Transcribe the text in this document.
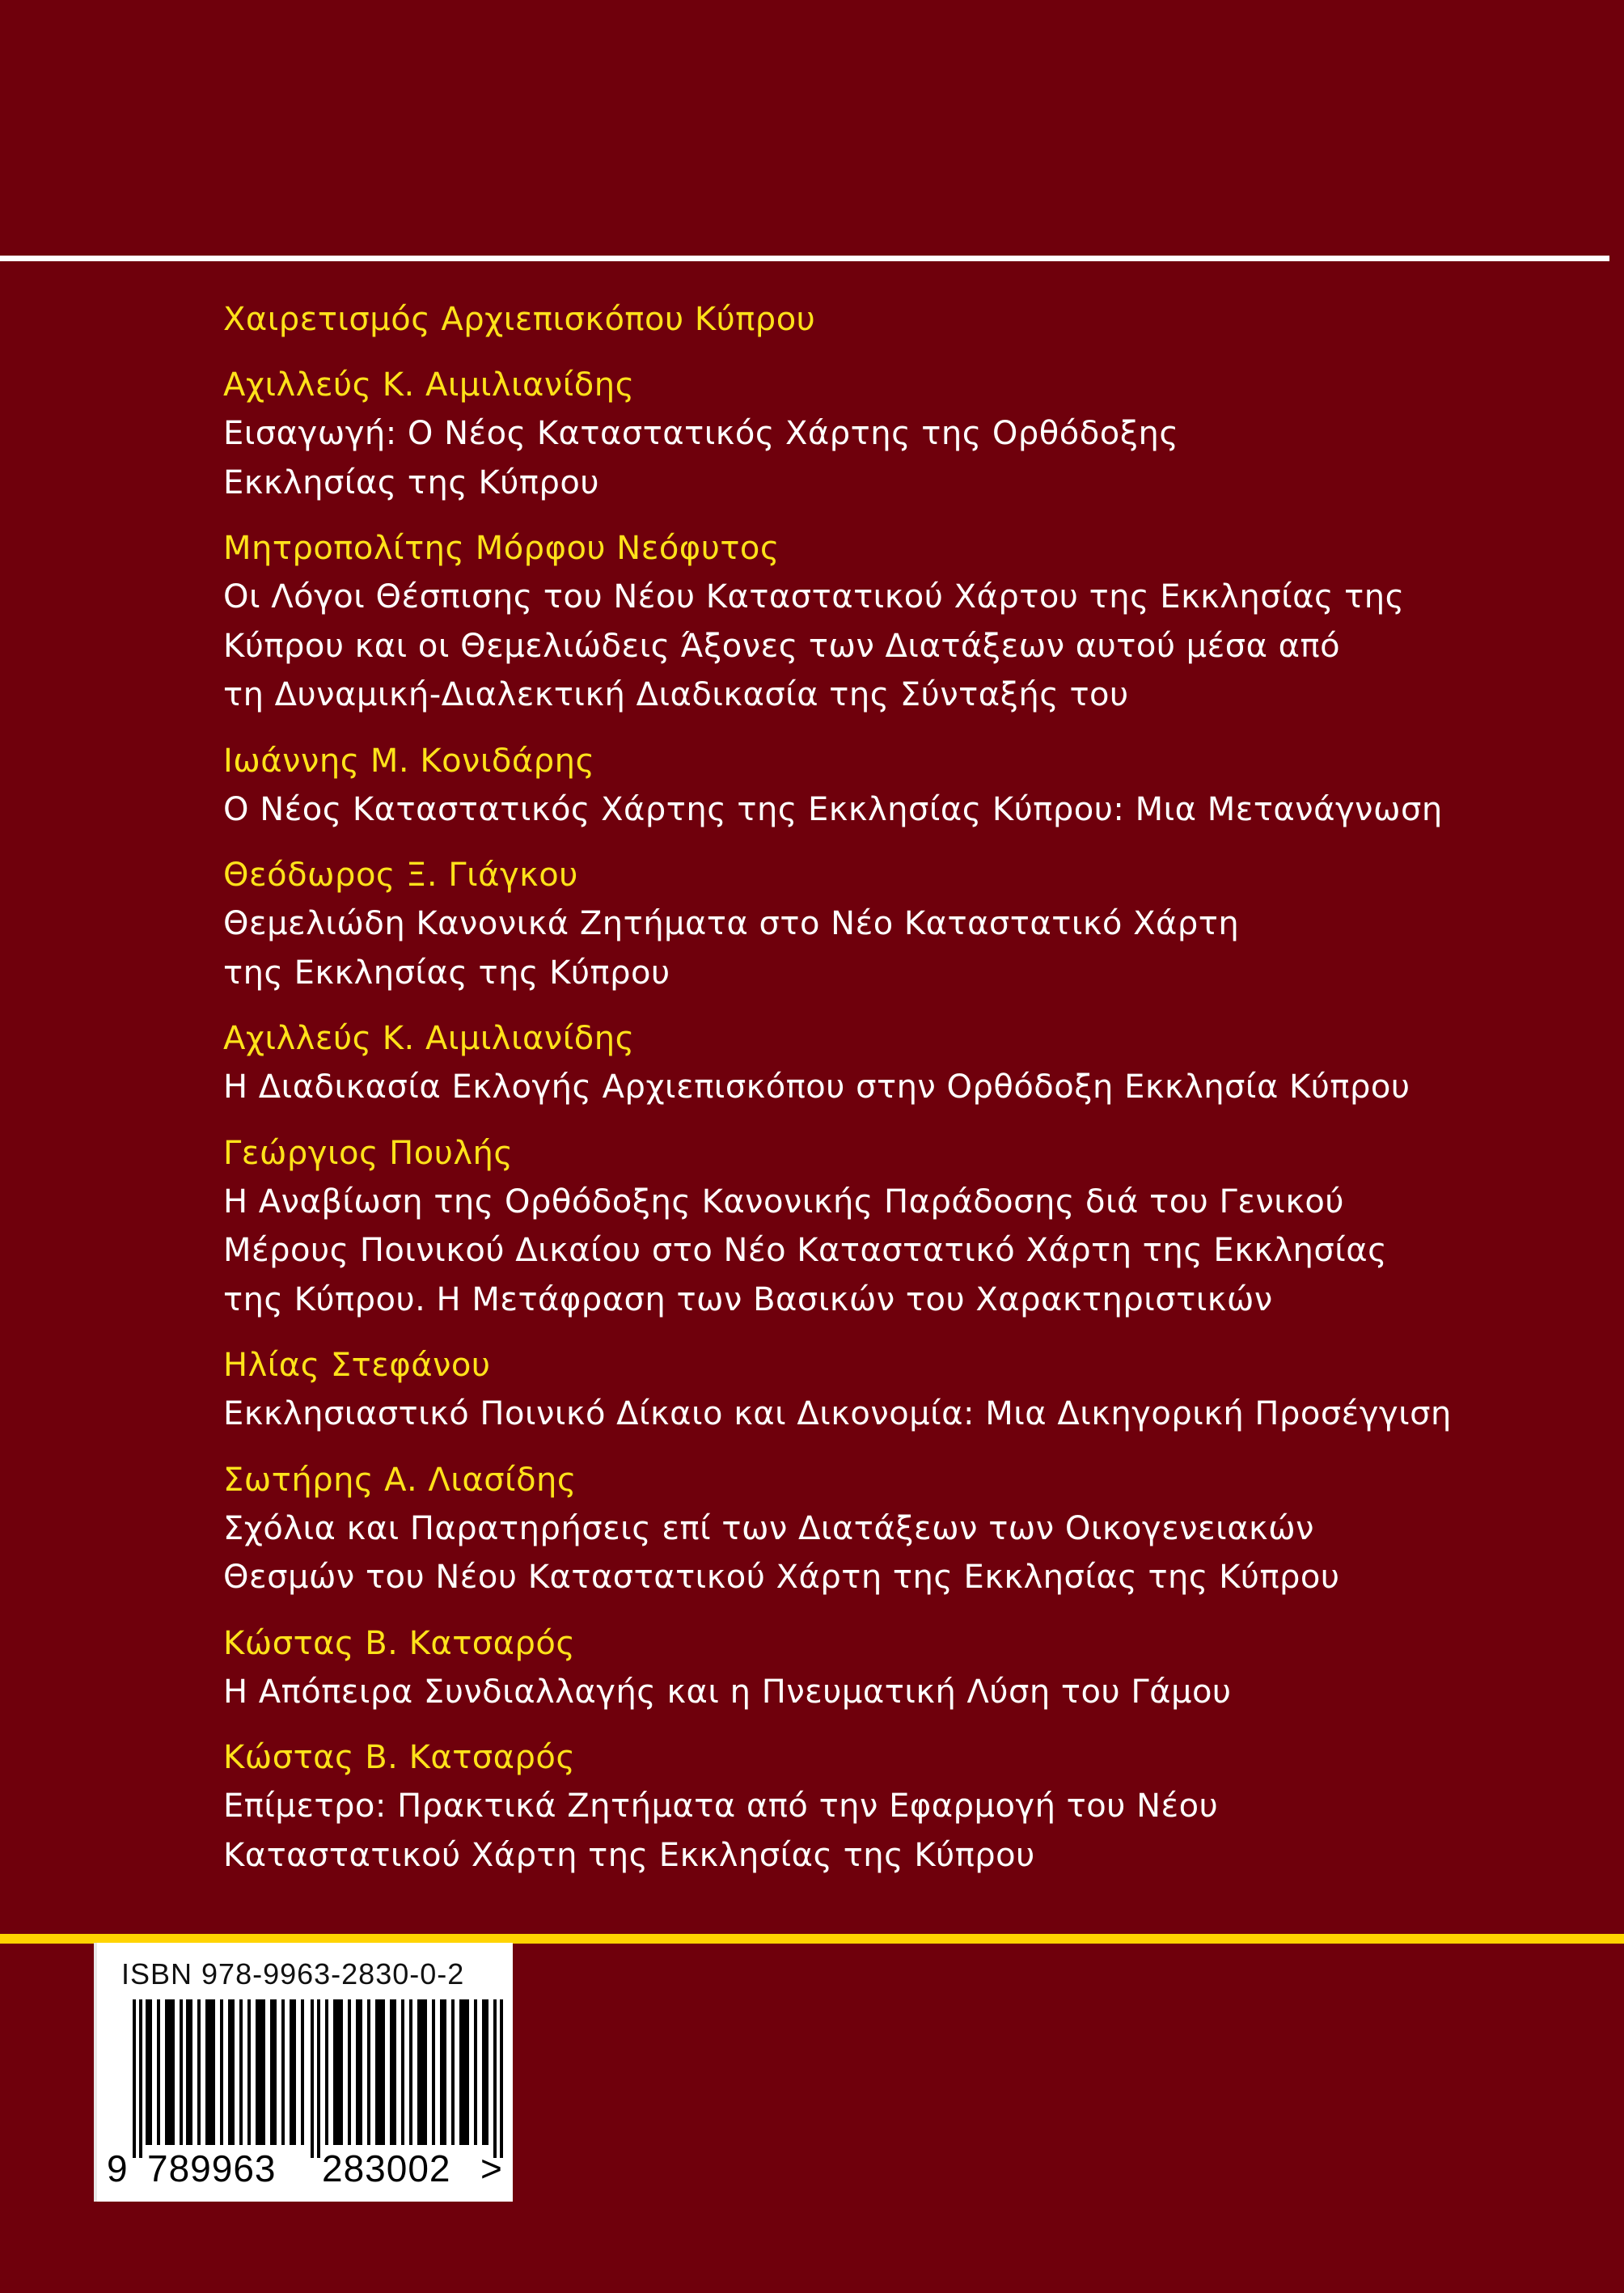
Χαιρετισμός Αρχιεπισκόπου Κύπρου
Αχιλλεύς Κ. Αιμιλιανίδης
Εισαγωγή: Ο Νέος Καταστατικός Χάρτης της Ορθόδοξης
Εκκλησίας της Κύπρου
Μητροπολίτης Μόρφου Νεόφυτος
Οι Λόγοι Θέσπισης του Νέου Καταστατικού Χάρτου της Εκκλησίας της
Κύπρου και οι Θεμελιώδεις Άξονες των Διατάξεων αυτού μέσα από
τη Δυναμική-Διαλεκτική Διαδικασία της Σύνταξής του
Ιωάννης Μ. Κονιδάρης
Ο Νέος Καταστατικός Χάρτης της Εκκλησίας Κύπρου: Μια Μετανάγνωση
Θεόδωρος Ξ. Γιάγκου
Θεμελιώδη Κανονικά Ζητήματα στο Νέο Καταστατικό Χάρτη
της Εκκλησίας της Κύπρου
Αχιλλεύς Κ. Αιμιλιανίδης
Η Διαδικασία Εκλογής Αρχιεπισκόπου στην Ορθόδοξη Εκκλησία Κύπρου
Γεώργιος Πουλής
Η Αναβίωση της Ορθόδοξης Κανονικής Παράδοσης διά του Γενικού
Μέρους Ποινικού Δικαίου στο Νέο Καταστατικό Χάρτη της Εκκλησίας
της Κύπρου. Η Μετάφραση των Βασικών του Χαρακτηριστικών
Ηλίας Στεφάνου
Εκκλησιαστικό Ποινικό Δίκαιο και Δικονομία: Μια Δικηγορική Προσέγγιση
Σωτήρης Α. Λιασίδης
Σχόλια και Παρατηρήσεις επί των Διατάξεων των Οικογενειακών
Θεσμών του Νέου Καταστατικού Χάρτη της Εκκλησίας της Κύπρου
Κώστας Β. Κατσαρός
Η Απόπειρα Συνδιαλλαγής και η Πνευματική Λύση του Γάμου
Κώστας Β. Κατσαρός
Επίμετρο: Πρακτικά Ζητήματα από την Εφαρμογή του Νέου
Καταστατικού Χάρτη της Εκκλησίας της Κύπρου
ISBN 978-9963-2830-0-2
9 789963 283002 >
